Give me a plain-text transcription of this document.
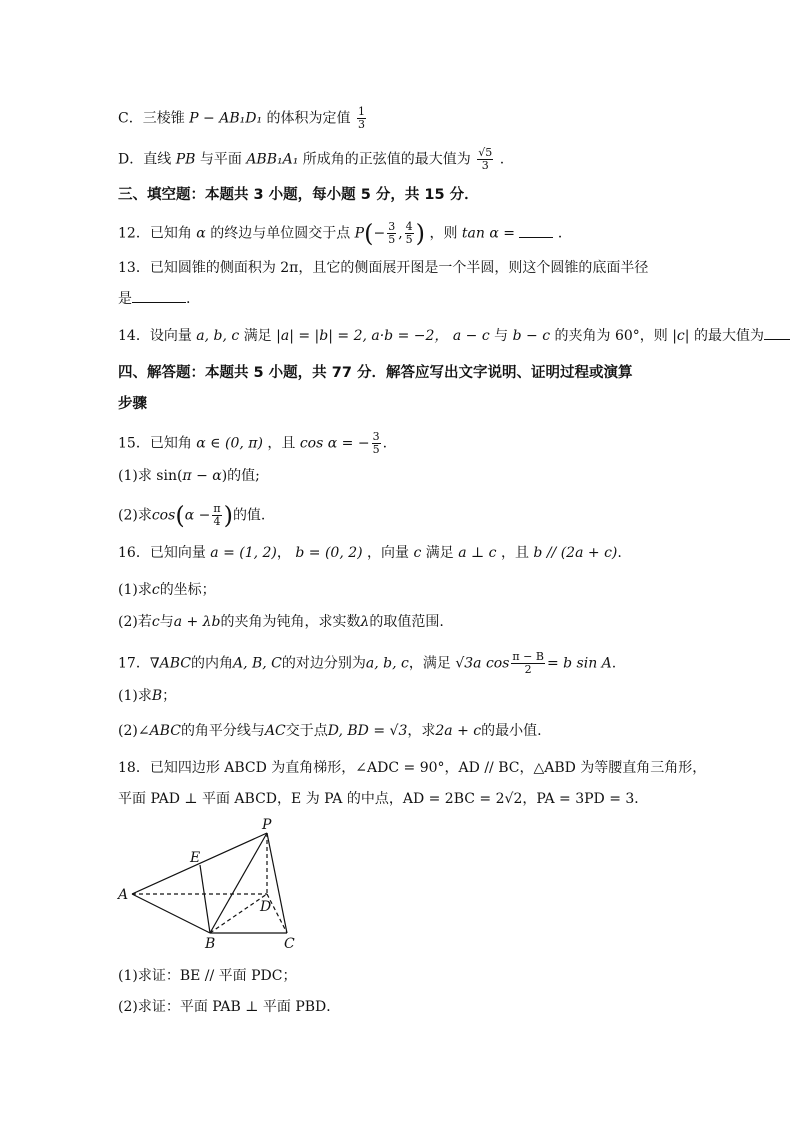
C．三棱锥 P − AB₁D₁ 的体积为定值 $\frac{1}{3}$
D．直线 PB 与平面 ABB₁A₁ 所成角的正弦值的最大值为 $\frac{√5}{3}$ .
三、填空题：本题共 3 小题，每小题 5 分，共 15 分．
12．已知角 α 的终边与单位圆交于点 $P(- \frac{3}{5}$ , $\frac{4}{5}$ ) ，则 tan α =	．
13．已知圆锥的侧面积为 2π，且它的侧面展开图是一个半圆，则这个圆锥的底面半径
是	.
14．设向量 a, b, c 满足 |a| = |b| = 2, a·b = −2， a − c 与 b − c 的夹角为 60°，则 |c| 的最大值为
四、解答题：本题共 5 小题，共 77 分．解答应写出文字说明、证明过程或演算
步骤
15．已知角 α ∈ (0, π) ，且 cos α = − $\frac{3}{5}$ .
(1)求 sin(π − α)的值;
(2)求$\cos(\alpha - \frac{\pi}{4}$ )的值.
16．已知向量 a = (1, 2)， b = (0, 2) ，向量 c 满足 a ⊥ c ，且 b // (2a + c).
(1)求c的坐标；
(2)若c与a + λb的夹角为钝角，求实数λ的取值范围.
17．∇ABC的内角A, B, C的对边分别为a, b, c，满足 √3a $\cos \frac{\pi - B}{2} = b$ sin A.
(1)求B；
(2)∠ABC的角平分线与AC交于点D, BD = √3，求2a + c的最小值.
18．已知四边形 ABCD 为直角梯形，∠ADC = 90°，AD // BC，△ABD 为等腰直角三角形，
平面 PAD ⊥ 平面 ABCD，E 为 PA 的中点，AD = 2BC = 2√2，PA = 3PD = 3．
P
E
A
D
B	C
(1)求证：BE // 平面 PDC；
(2)求证：平面 PAB ⊥ 平面 PBD．
